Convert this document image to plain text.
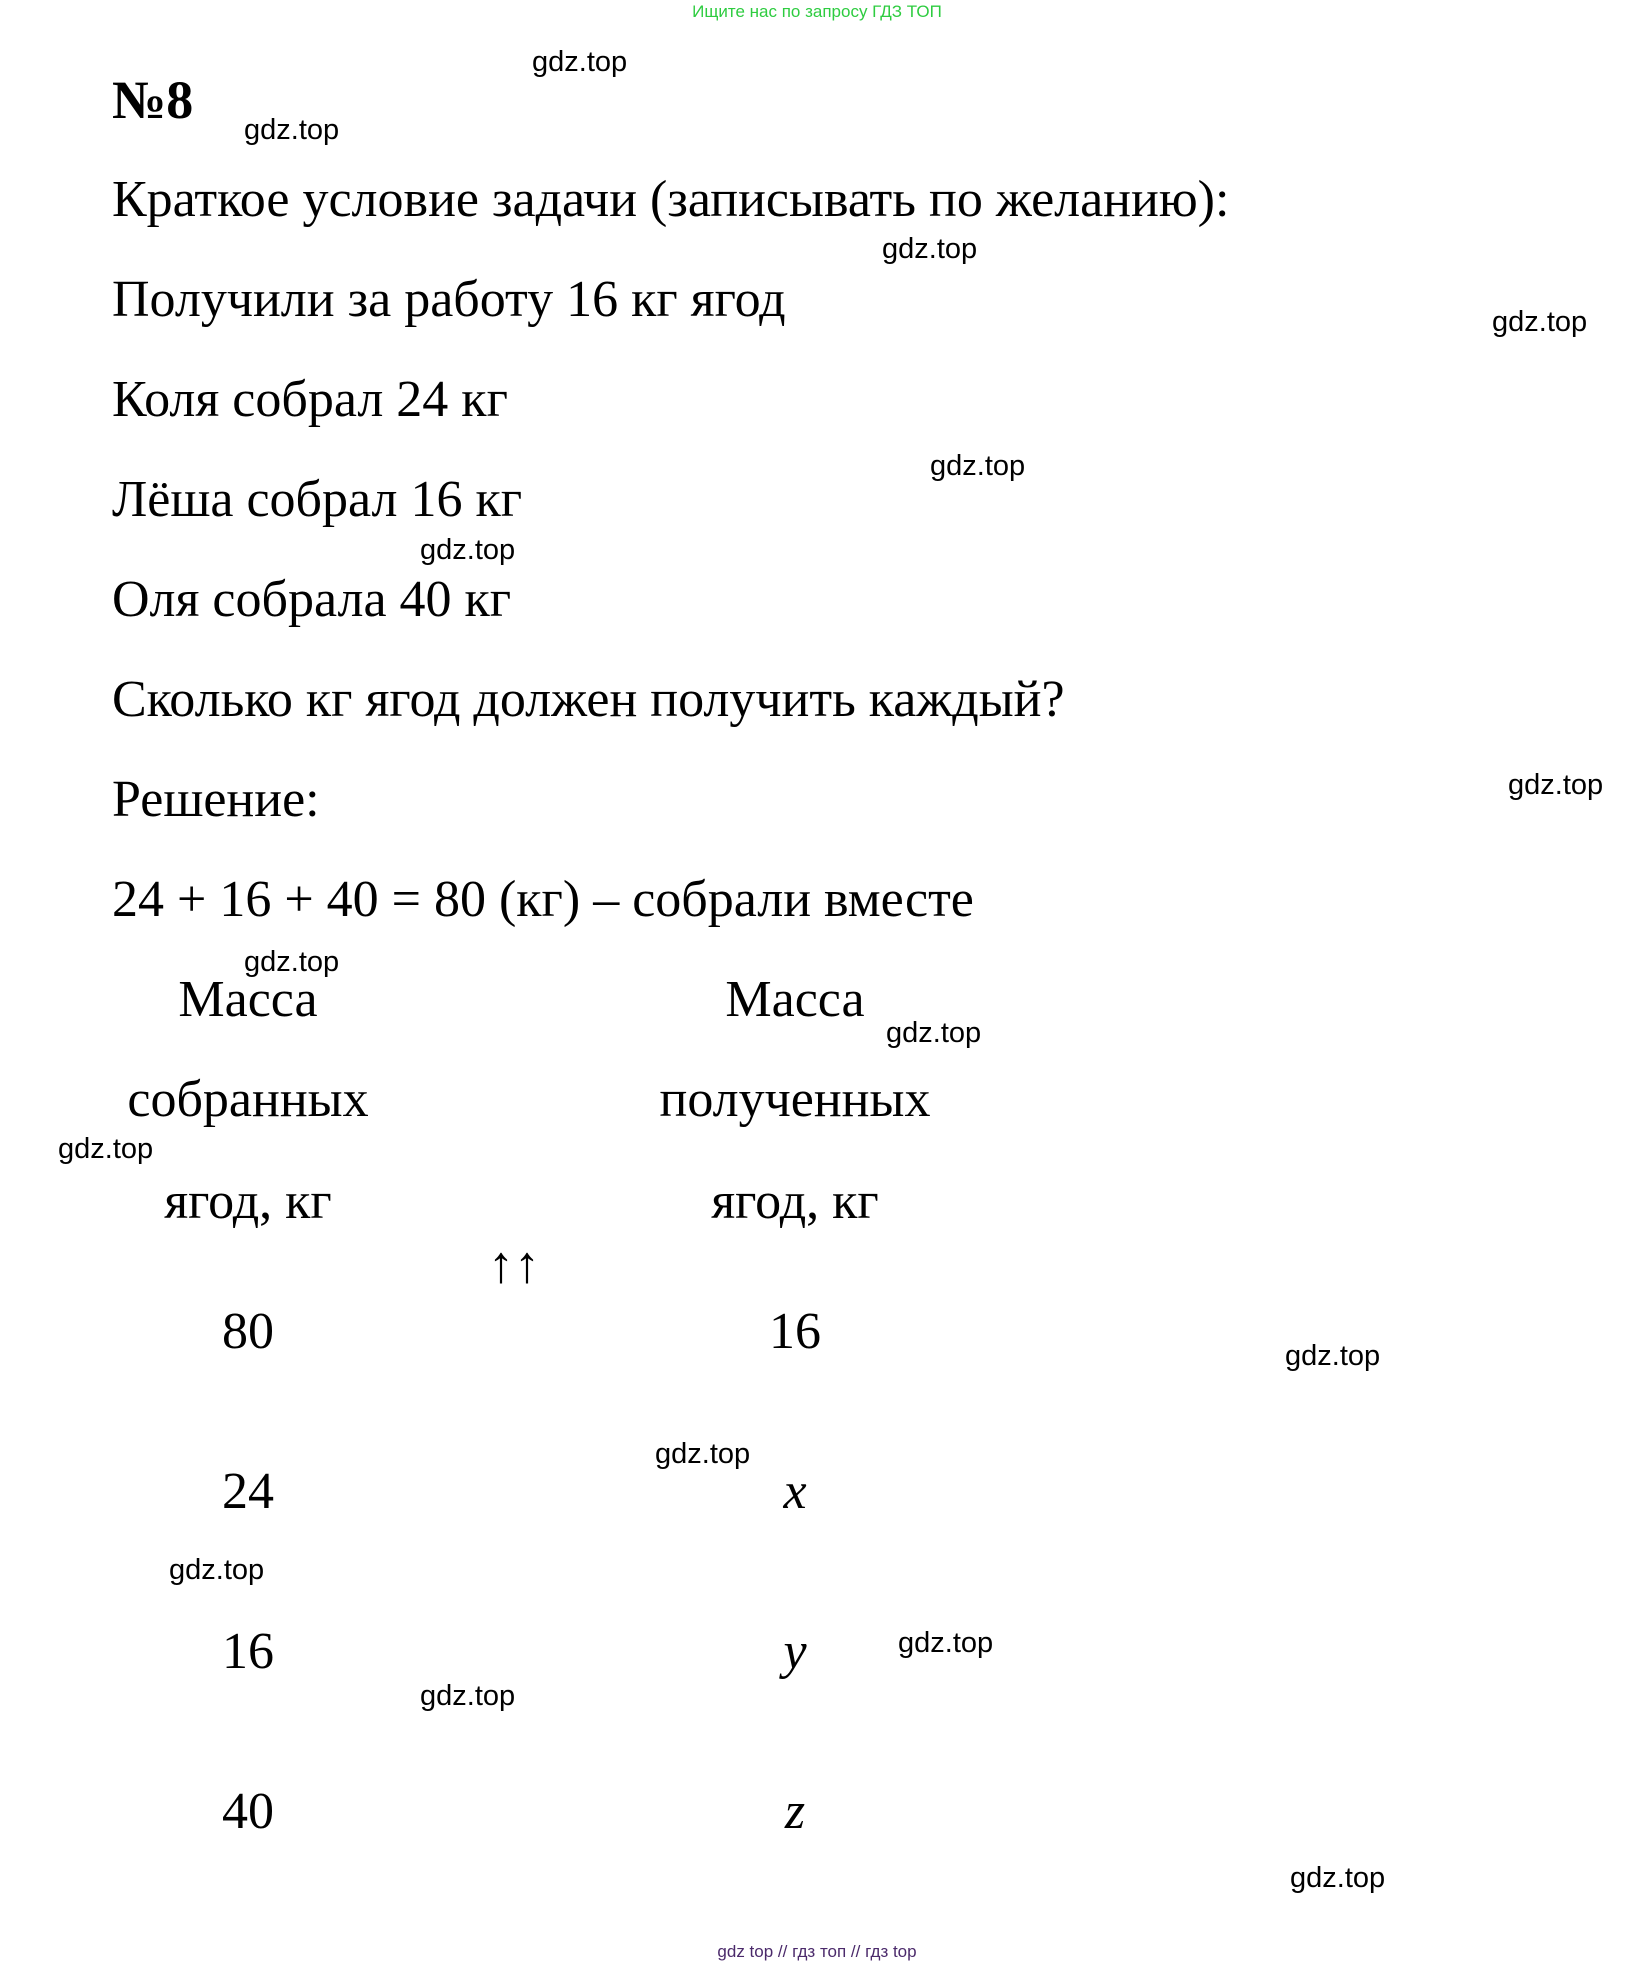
Ищите нас по запросу ГДЗ ТОП
№8
Краткое условие задачи (записывать по желанию):
Получили за работу 16 кг ягод
Коля собрал 24 кг
Лёша собрал 16 кг
Оля собрала 40 кг
Сколько кг ягод должен получить каждый?
Решение:
24 + 16 + 40 = 80 (кг) – собрали вместе
Масса
собранных
ягод, кг
Масса
полученных
ягод, кг
↑↑
80
24
16
40
16
x
y
z
gdz.top
gdz.top
gdz.top
gdz.top
gdz.top
gdz.top
gdz.top
gdz.top
gdz.top
gdz.top
gdz.top
gdz.top
gdz.top
gdz.top
gdz.top
gdz.top
gdz top // гдз топ // гдз top
